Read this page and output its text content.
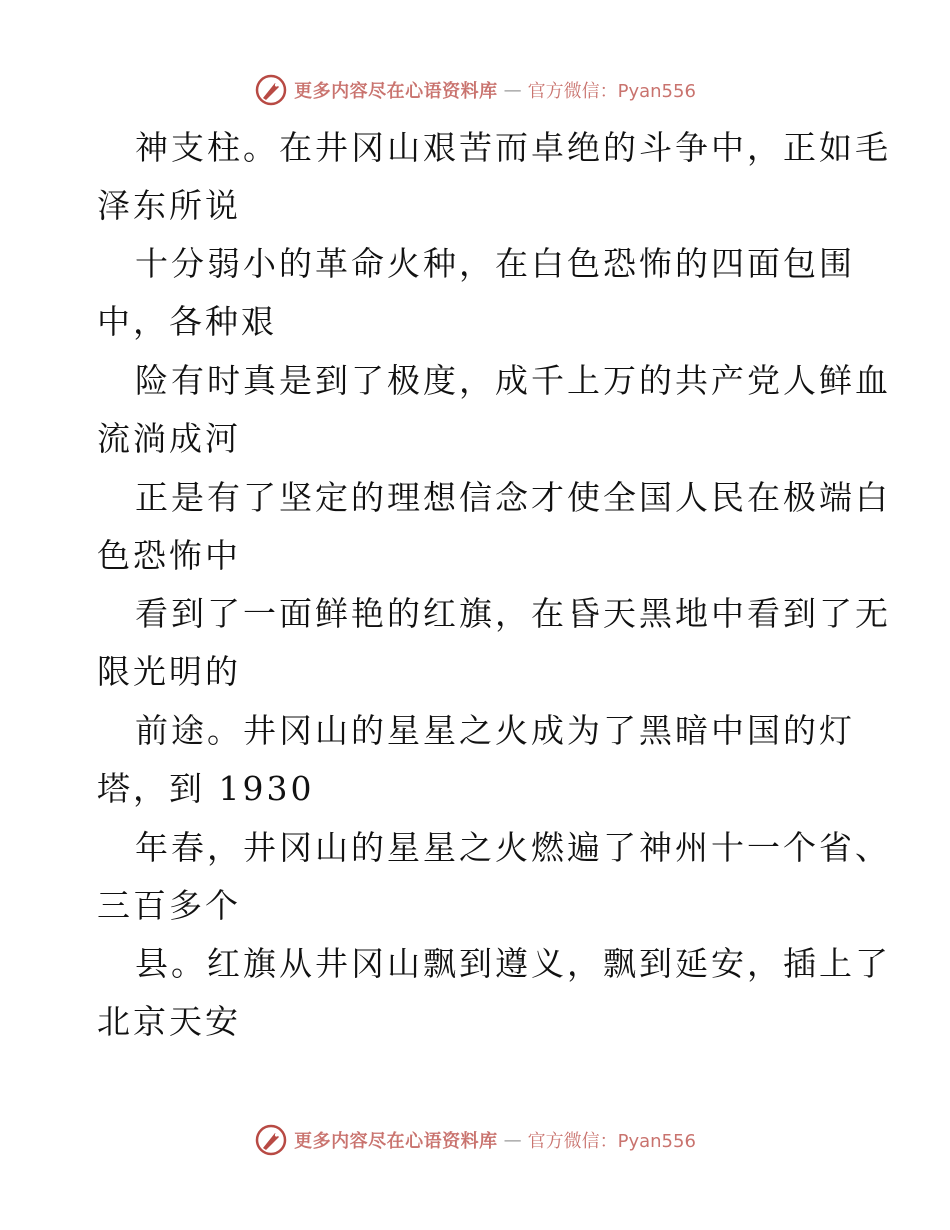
更多内容尽在心语资料库 — 官方微信：Pyan556
神支柱。在井冈山艰苦而卓绝的斗争中，正如毛
泽东所说
十分弱小的革命火种，在白色恐怖的四面包围
中，各种艰
险有时真是到了极度，成千上万的共产党人鲜血
流淌成河
正是有了坚定的理想信念才使全国人民在极端白
色恐怖中
看到了一面鲜艳的红旗，在昏天黑地中看到了无
限光明的
前途。井冈山的星星之火成为了黑暗中国的灯
塔，到 1930
年春，井冈山的星星之火燃遍了神州十一个省、
三百多个
县。红旗从井冈山飘到遵义，飘到延安，插上了
北京天安
更多内容尽在心语资料库 — 官方微信：Pyan556
